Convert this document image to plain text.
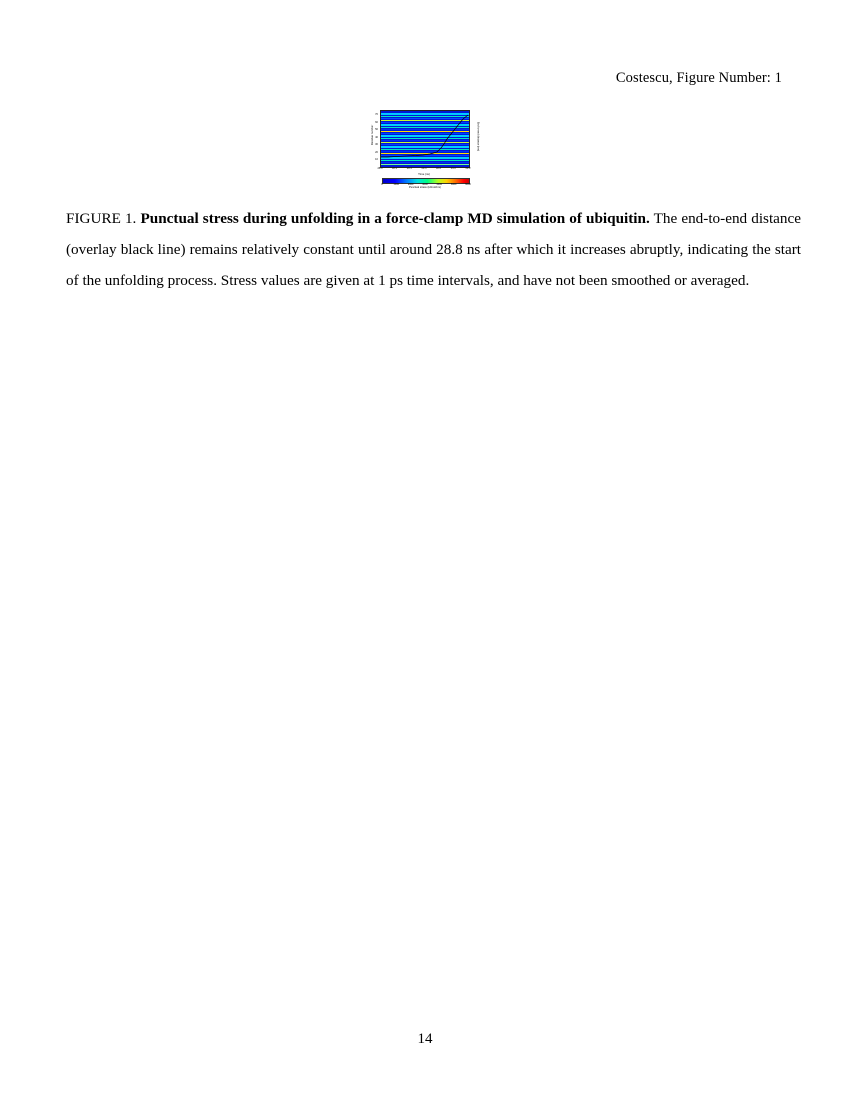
Costescu, Figure Number: 1
70
60
50
40
30
20
10
28.0	28.2	28.4	28.6	28.8	29.0	29.2
Time (ns)
Residue number	End-to-end distance (nm)
0	1000	2000	3000	4000	5000	6000
Punctual stress (kJ/mol/nm)
FIGURE 1. Punctual stress during unfolding in a force-clamp MD simulation of ubiquitin. The end-to-end distance (overlay black line) remains relatively constant until around 28.8 ns after which it increases abruptly, indicating the start of the unfolding process. Stress values are given at 1 ps time intervals, and have not been smoothed or averaged.
14
